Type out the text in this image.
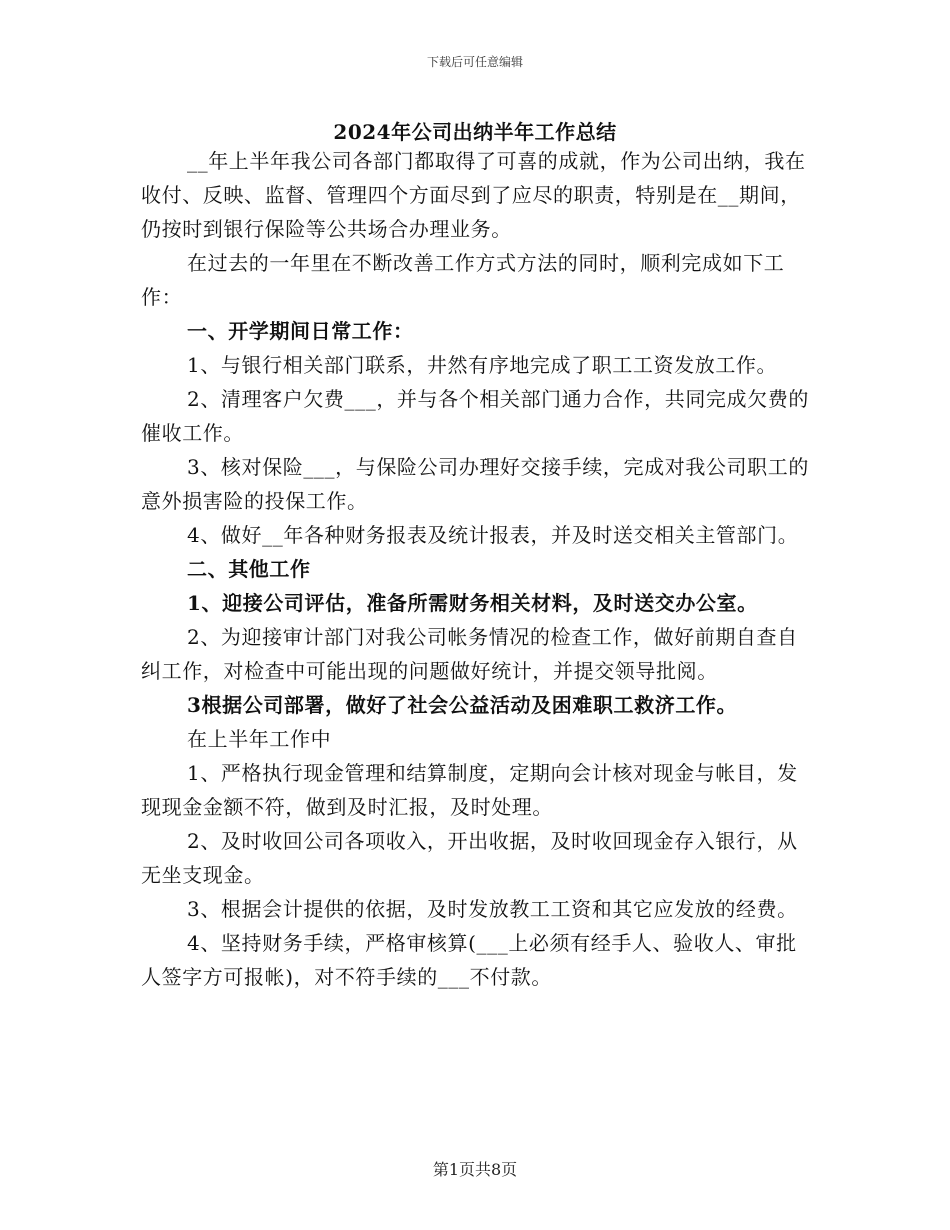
下载后可任意编辑
2024年公司出纳半年工作总结

__年上半年我公司各部门都取得了可喜的成就，作为公司出纳，我在收付、反映、监督、管理四个方面尽到了应尽的职责，特别是在__期间，仍按时到银行保险等公共场合办理业务。

在过去的一年里在不断改善工作方式方法的同时，顺利完成如下工作：

一、开学期间日常工作：

1、与银行相关部门联系，井然有序地完成了职工工资发放工作。

2、清理客户欠费___，并与各个相关部门通力合作，共同完成欠费的催收工作。

3、核对保险___，与保险公司办理好交接手续，完成对我公司职工的意外损害险的投保工作。

4、做好__年各种财务报表及统计报表，并及时送交相关主管部门。

二、其他工作

1、迎接公司评估，准备所需财务相关材料，及时送交办公室。

2、为迎接审计部门对我公司帐务情况的检查工作，做好前期自查自纠工作，对检查中可能出现的问题做好统计，并提交领导批阅。

3根据公司部署，做好了社会公益活动及困难职工救济工作。

在上半年工作中

1、严格执行现金管理和结算制度，定期向会计核对现金与帐目，发现现金金额不符，做到及时汇报，及时处理。

2、及时收回公司各项收入，开出收据，及时收回现金存入银行，从无坐支现金。

3、根据会计提供的依据，及时发放教工工资和其它应发放的经费。

4、坚持财务手续，严格审核算(___上必须有经手人、验收人、审批人签字方可报帐)，对不符手续的___不付款。

第1页共8页
